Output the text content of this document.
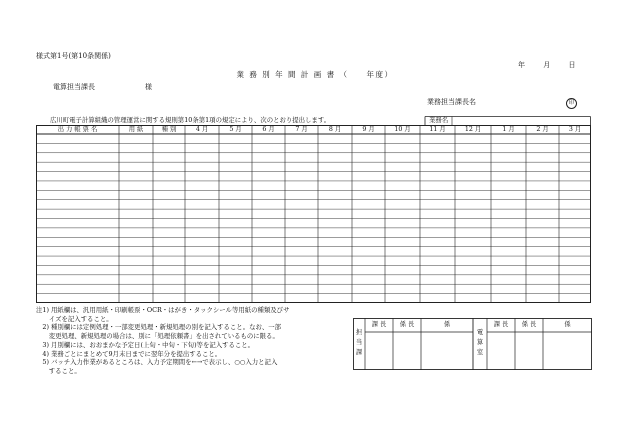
様式第1号(第10条関係)
年	月	日
業 務 別 年 間 計 画 書 （　　年度）
電算担当課長	様
業務担当課長名	印
広川町電子計算組織の管理運営に関する規則第10条第1項の規定により、次のとおり提出します。	業務名
出 力 帳 票 名	用 紙	種 別	4 月	5 月	6 月	7 月	8 月	9 月	10 月	11 月	12 月	1 月	2 月	3 月
注1) 用紙欄は、汎用用紙・印刷帳票・OCR・はがき・タックシール等用紙の種類及びサ
　　イズを記入すること。
　2) 種別欄には定例処理・一部変更処理・新規処理の別を記入すること。なお、一部
　　変更処理、新規処理の場合は、別に「処理依頼書」を出されているものに限る。
　3) 月別欄には、おおまかな予定日(上旬・中旬・下旬)等を記入すること。
　4) 業務ごとにまとめて9月末日までに翌年分を提出すること。
　5) バッチ入力作業があるところは、入力予定期間を←→で表示し、○○入力と記入
　　すること。
担
当
課
電
算
室
課 長	係 長	係	課 長	係 長	係
